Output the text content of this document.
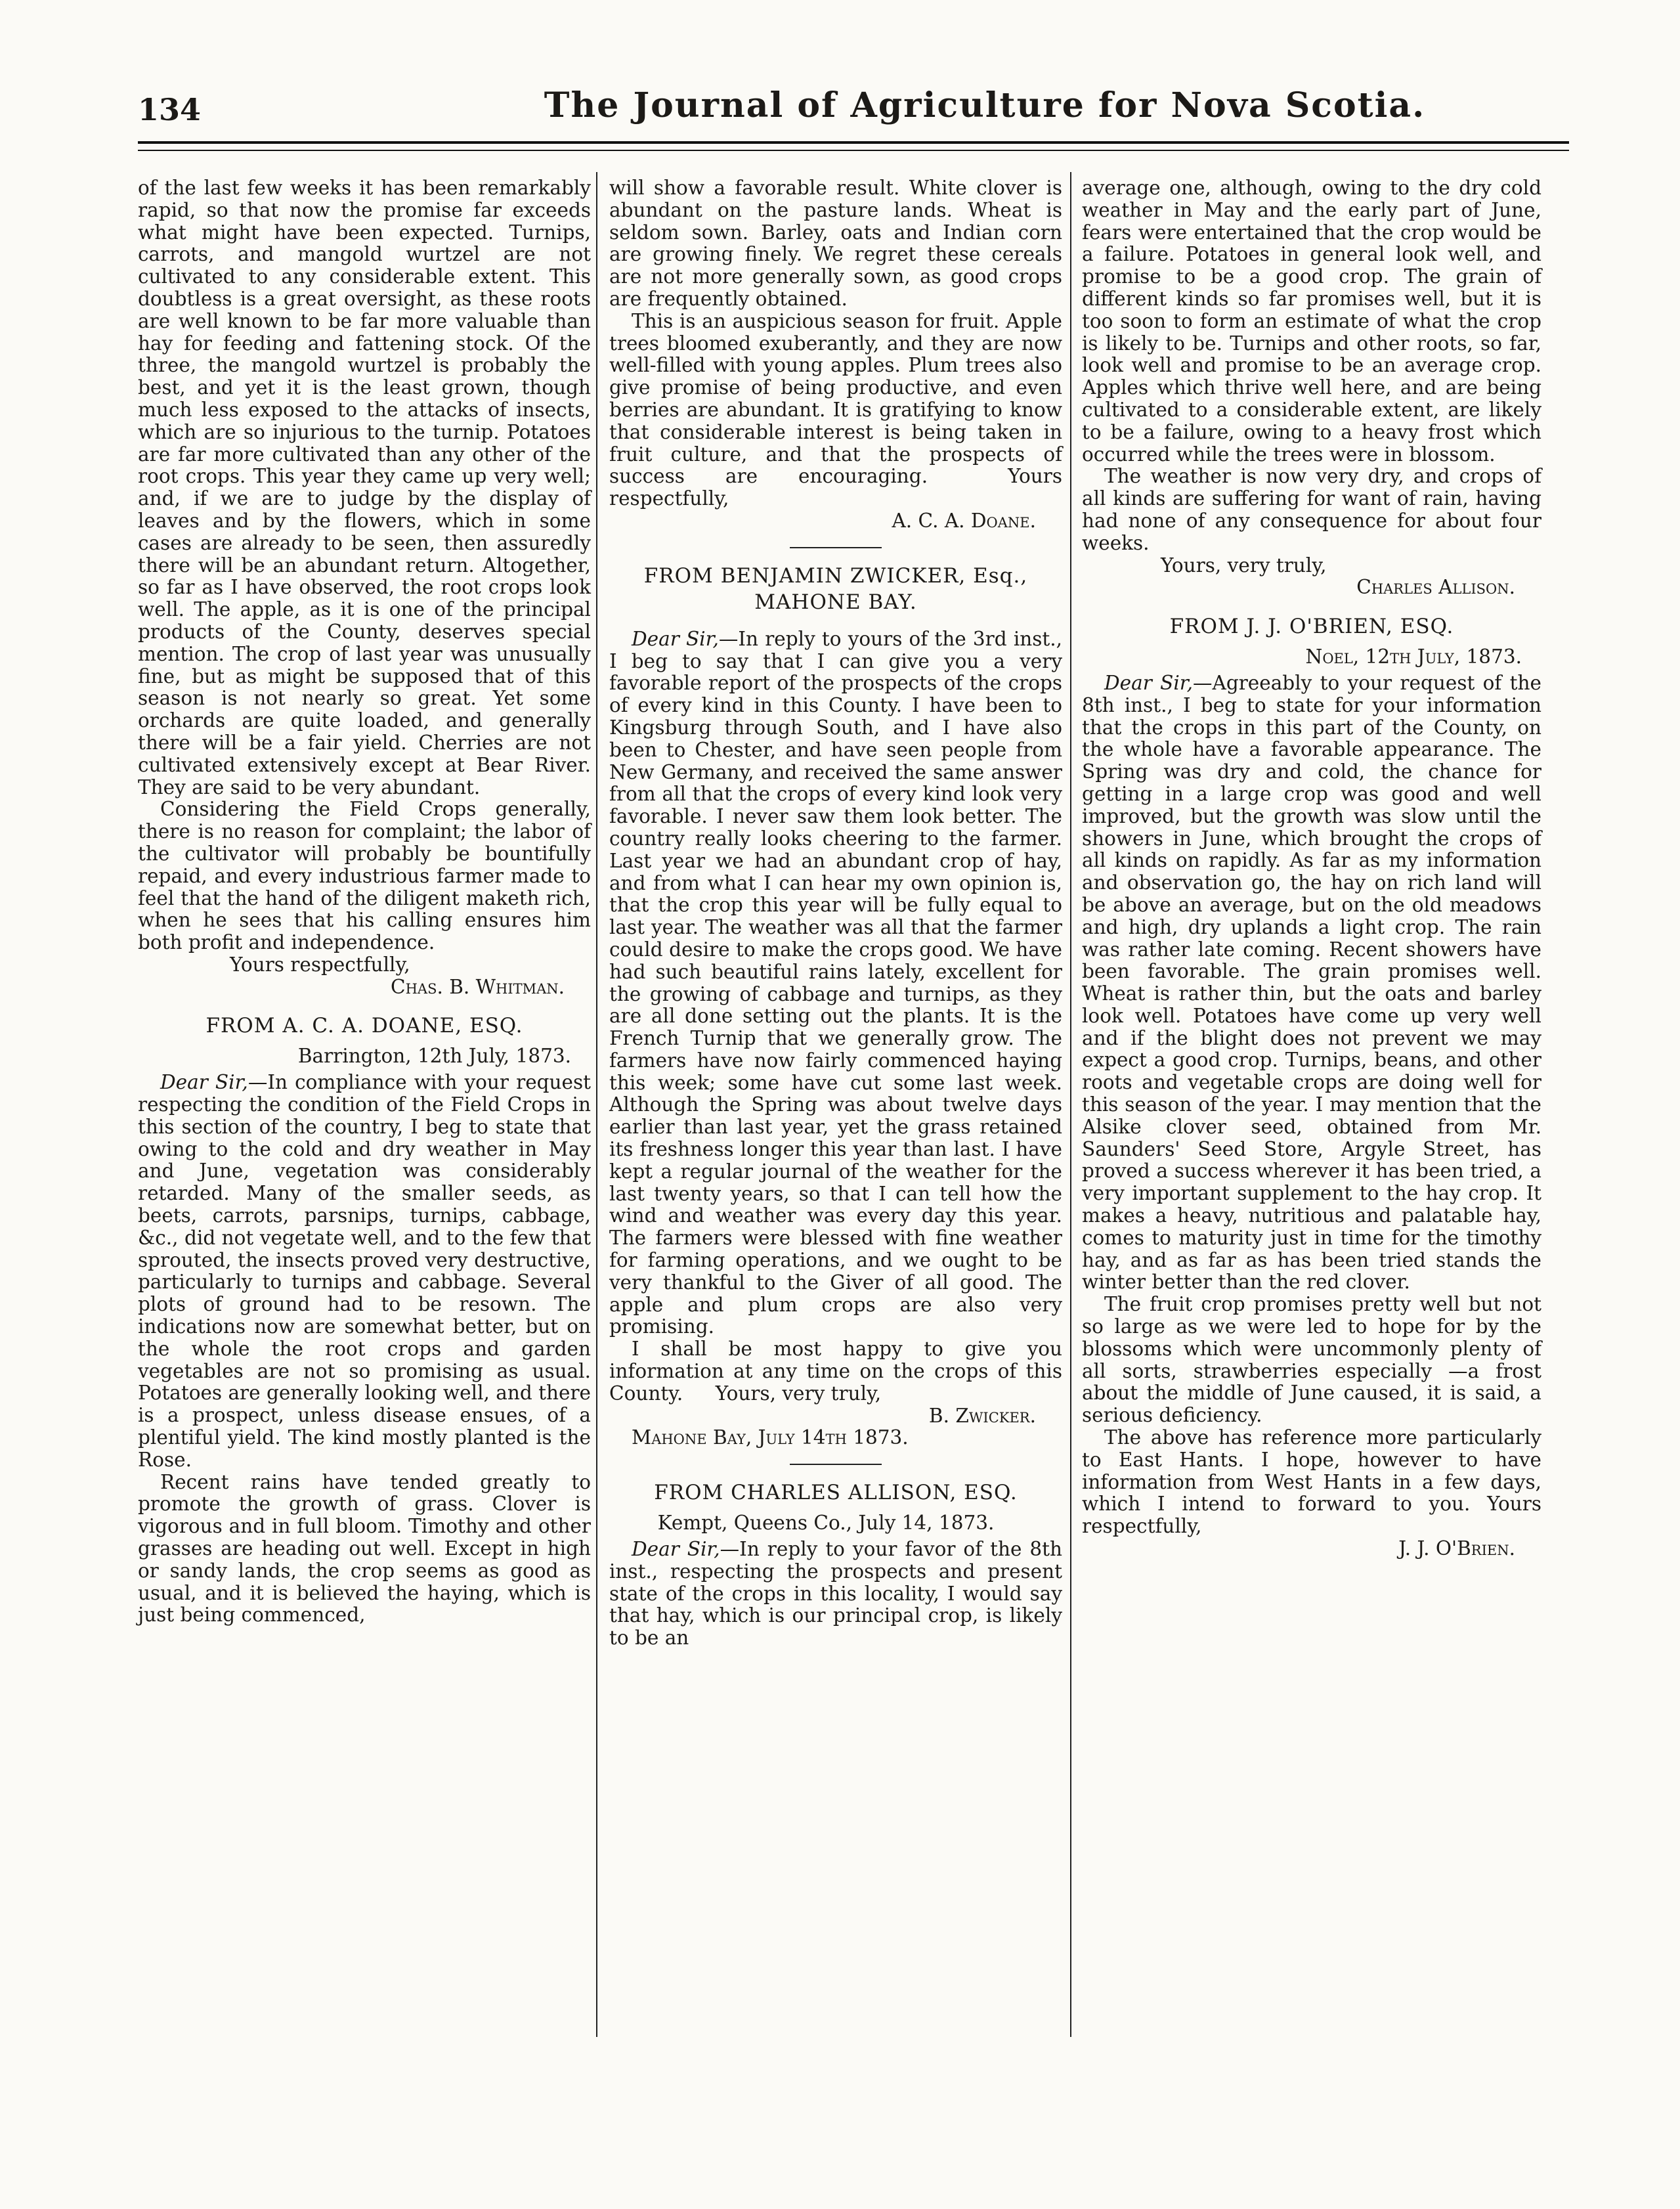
134	The Journal of Agriculture for Nova Scotia.

of the last few weeks it has been remarkably rapid, so that now the promise far exceeds what might have been expected. Turnips, carrots, and mangold wurtzel are not cultivated to any considerable extent. This doubtless is a great oversight, as these roots are well known to be far more valuable than hay for feeding and fattening stock. Of the three, the mangold wurtzel is probably the best, and yet it is the least grown, though much less exposed to the attacks of insects, which are so injurious to the turnip. Potatoes are far more cultivated than any other of the root crops. This year they came up very well; and, if we are to judge by the display of leaves and by the flowers, which in some cases are already to be seen, then assuredly there will be an abundant return. Altogether, so far as I have observed, the root crops look well. The apple, as it is one of the principal products of the County, deserves special mention. The crop of last year was unusually fine, but as might be supposed that of this season is not nearly so great. Yet some orchards are quite loaded, and generally there will be a fair yield. Cherries are not cultivated extensively except at Bear River. They are said to be very abundant.

Considering the Field Crops generally, there is no reason for complaint; the labor of the cultivator will probably be bountifully repaid, and every industrious farmer made to feel that the hand of the diligent maketh rich, when he sees that his calling ensures him both profit and independence.

Yours respectfully,
Chas. B. Whitman.
FROM A. C. A. DOANE, ESQ.
Barrington, 12th July, 1873.

Dear Sir,—In compliance with your request respecting the condition of the Field Crops in this section of the country, I beg to state that owing to the cold and dry weather in May and June, vegetation was considerably retarded. Many of the smaller seeds, as beets, carrots, parsnips, turnips, cabbage, &c., did not vegetate well, and to the few that sprouted, the insects proved very destructive, particularly to turnips and cabbage. Several plots of ground had to be resown. The indications now are somewhat better, but on the whole the root crops and garden vegetables are not so promising as usual. Potatoes are generally looking well, and there is a prospect, unless disease ensues, of a plentiful yield. The kind mostly planted is the Rose.

Recent rains have tended greatly to promote the growth of grass. Clover is vigorous and in full bloom. Timothy and other grasses are heading out well. Except in high or sandy lands, the crop seems as good as usual, and it is believed the haying, which is just being commenced,

will show a favorable result. White clover is abundant on the pasture lands. Wheat is seldom sown. Barley, oats and Indian corn are growing finely. We regret these cereals are not more generally sown, as good crops are frequently obtained.

This is an auspicious season for fruit. Apple trees bloomed exuberantly, and they are now well-filled with young apples. Plum trees also give promise of being productive, and even berries are abundant. It is gratifying to know that considerable interest is being taken in fruit culture, and that the prospects of success are encouraging.	Yours respectfully,

A. C. A. Doane.
FROM BENJAMIN ZWICKER, Esq.,
MAHONE BAY.

Dear Sir,—In reply to yours of the 3rd inst., I beg to say that I can give you a very favorable report of the prospects of the crops of every kind in this County. I have been to Kingsburg through South, and I have also been to Chester, and have seen people from New Germany, and received the same answer from all that the crops of every kind look very favorable. I never saw them look better. The country really looks cheering to the farmer. Last year we had an abundant crop of hay, and from what I can hear my own opinion is, that the crop this year will be fully equal to last year. The weather was all that the farmer could desire to make the crops good. We have had such beautiful rains lately, excellent for the growing of cabbage and turnips, as they are all done setting out the plants. It is the French Turnip that we generally grow. The farmers have now fairly commenced haying this week; some have cut some last week. Although the Spring was about twelve days earlier than last year, yet the grass retained its freshness longer this year than last. I have kept a regular journal of the weather for the last twenty years, so that I can tell how the wind and weather was every day this year. The farmers were blessed with fine weather for farming operations, and we ought to be very thankful to the Giver of all good. The apple and plum crops are also very promising.

I shall be most happy to give you information at any time on the crops of this County. Yours, very truly,

B. Zwicker.
Mahone Bay, July 14th 1873.
FROM CHARLES ALLISON, ESQ.
Kempt, Queens Co., July 14, 1873.

Dear Sir,—In reply to your favor of the 8th inst., respecting the prospects and present state of the crops in this locality, I would say that hay, which is our principal crop, is likely to be an

average one, although, owing to the dry cold weather in May and the early part of June, fears were entertained that the crop would be a failure. Potatoes in general look well, and promise to be a good crop. The grain of different kinds so far promises well, but it is too soon to form an estimate of what the crop is likely to be. Turnips and other roots, so far, look well and promise to be an average crop. Apples which thrive well here, and are being cultivated to a considerable extent, are likely to be a failure, owing to a heavy frost which occurred while the trees were in blossom.

The weather is now very dry, and crops of all kinds are suffering for want of rain, having had none of any consequence for about four weeks.

Yours, very truly,
Charles Allison.
FROM J. J. O'BRIEN, ESQ.
Noel, 12th July, 1873.

Dear Sir,—Agreeably to your request of the 8th inst., I beg to state for your information that the crops in this part of the County, on the whole have a favorable appearance. The Spring was dry and cold, the chance for getting in a large crop was good and well improved, but the growth was slow until the showers in June, which brought the crops of all kinds on rapidly. As far as my information and observation go, the hay on rich land will be above an average, but on the old meadows and high, dry uplands a light crop. The rain was rather late coming. Recent showers have been favorable. The grain promises well. Wheat is rather thin, but the oats and barley look well. Potatoes have come up very well and if the blight does not prevent we may expect a good crop. Turnips, beans, and other roots and vegetable crops are doing well for this season of the year. I may mention that the Alsike clover seed, obtained from Mr. Saunders' Seed Store, Argyle Street, has proved a success wherever it has been tried, a very important supplement to the hay crop. It makes a heavy, nutritious and palatable hay, comes to maturity just in time for the timothy hay, and as far as has been tried stands the winter better than the red clover.

The fruit crop promises pretty well but not so large as we were led to hope for by the blossoms which were uncommonly plenty of all sorts, strawberries especially —a frost about the middle of June caused, it is said, a serious deficiency.

The above has reference more particularly to East Hants. I hope, however to have information from West Hants in a few days, which I intend to forward to you. Yours respectfully,

J. J. O'Brien.
